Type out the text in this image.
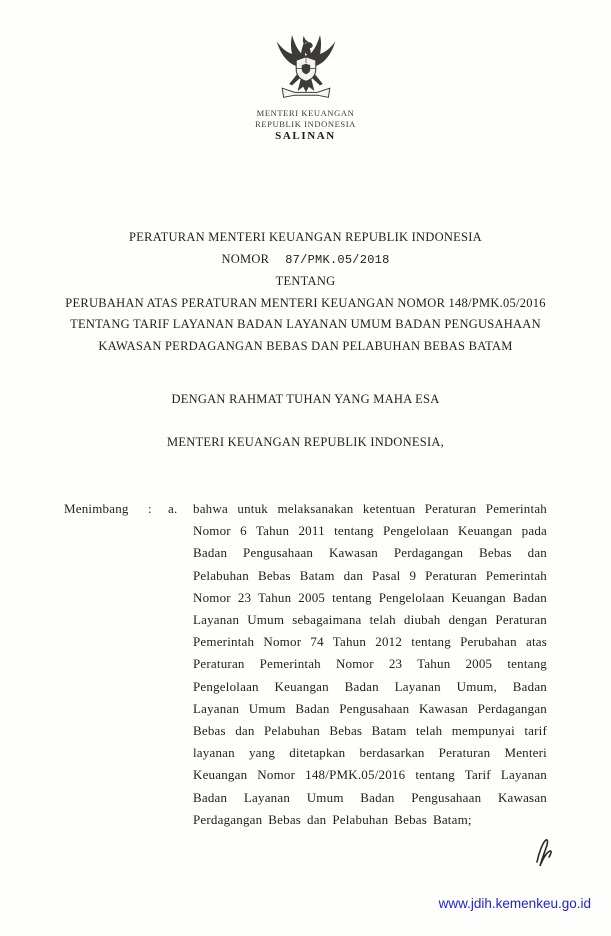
MENTERI KEUANGAN
REPUBLIK INDONESIA
SALINAN
PERATURAN MENTERI KEUANGAN REPUBLIK INDONESIA
NOMOR 87/PMK.05/2018
TENTANG
PERUBAHAN ATAS PERATURAN MENTERI KEUANGAN NOMOR 148/PMK.05/2016 TENTANG TARIF LAYANAN BADAN LAYANAN UMUM BADAN PENGUSAHAAN KAWASAN PERDAGANGAN BEBAS DAN PELABUHAN BEBAS BATAM
DENGAN RAHMAT TUHAN YANG MAHA ESA
MENTERI KEUANGAN REPUBLIK INDONESIA,
Menimbang	:	a.	bahwa untuk melaksanakan ketentuan Peraturan Pemerintah Nomor 6 Tahun 2011 tentang Pengelolaan Keuangan pada Badan Pengusahaan Kawasan Perdagangan Bebas dan Pelabuhan Bebas Batam dan Pasal 9 Peraturan Pemerintah Nomor 23 Tahun 2005 tentang Pengelolaan Keuangan Badan Layanan Umum sebagaimana telah diubah dengan Peraturan Pemerintah Nomor 74 Tahun 2012 tentang Perubahan atas Peraturan Pemerintah Nomor 23 Tahun 2005 tentang Pengelolaan Keuangan Badan Layanan Umum, Badan Layanan Umum Badan Pengusahaan Kawasan Perdagangan Bebas dan Pelabuhan Bebas Batam telah mempunyai tarif layanan yang ditetapkan berdasarkan Peraturan Menteri Keuangan Nomor 148/PMK.05/2016 tentang Tarif Layanan Badan Layanan Umum Badan Pengusahaan Kawasan Perdagangan Bebas dan Pelabuhan Bebas Batam;
www.jdih.kemenkeu.go.id
